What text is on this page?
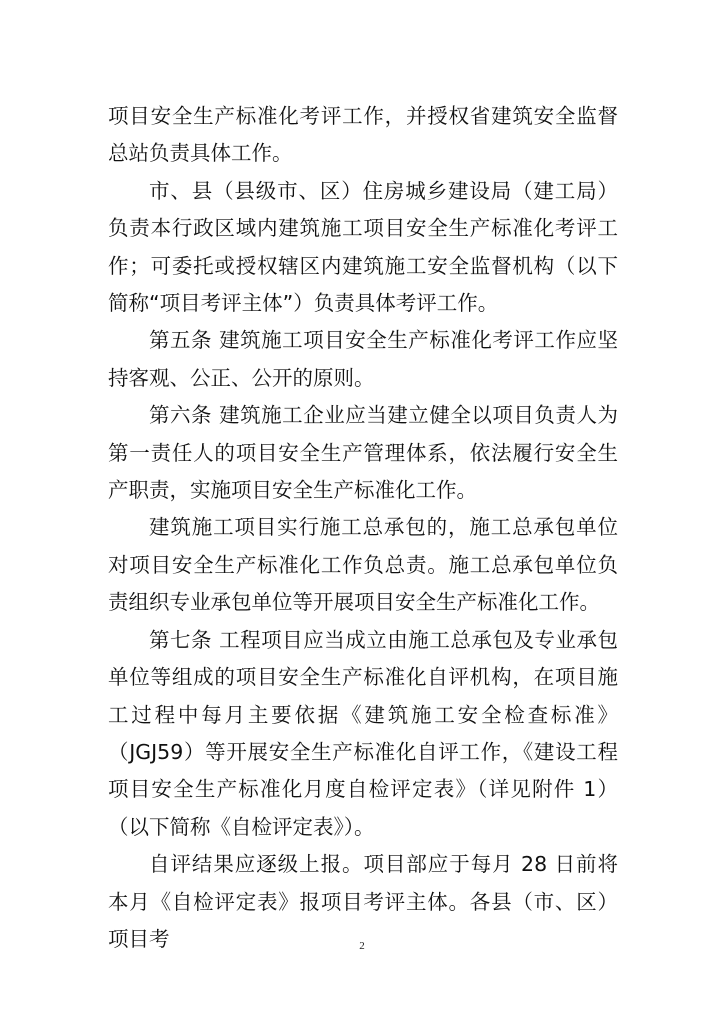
项目安全生产标准化考评工作，并授权省建筑安全监督总站负责具体工作。

市、县（县级市、区）住房城乡建设局（建工局）负责本行政区域内建筑施工项目安全生产标准化考评工作；可委托或授权辖区内建筑施工安全监督机构（以下简称“项目考评主体”）负责具体考评工作。

第五条 建筑施工项目安全生产标准化考评工作应坚持客观、公正、公开的原则。

第六条 建筑施工企业应当建立健全以项目负责人为第一责任人的项目安全生产管理体系，依法履行安全生产职责，实施项目安全生产标准化工作。

建筑施工项目实行施工总承包的，施工总承包单位对项目安全生产标准化工作负总责。施工总承包单位负责组织专业承包单位等开展项目安全生产标准化工作。

第七条 工程项目应当成立由施工总承包及专业承包单位等组成的项目安全生产标准化自评机构，在项目施工过程中每月主要依据《建筑施工安全检查标准》（JGJ59）等开展安全生产标准化自评工作，《建设工程项目安全生产标准化月度自检评定表》（详见附件 1）（以下简称《自检评定表》）。

自评结果应逐级上报。项目部应于每月 28 日前将本月《自检评定表》报项目考评主体。各县（市、区）项目考	2
